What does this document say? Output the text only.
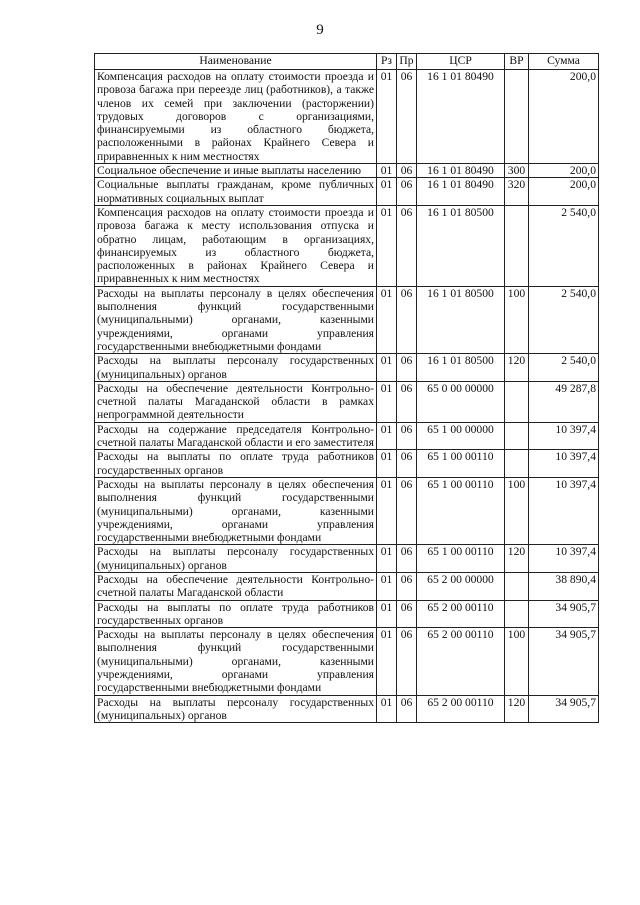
9
Наименование	Рз	Пр	ЦСР	ВР	Сумма
Компенсация расходов на оплату стоимости проезда и провоза багажа при переезде лиц (работников), а также членов их семей при заключении (расторжении) трудовых договоров с организациями, финансируемыми из областного бюджета, расположенными в районах Крайнего Севера и приравненных к ним местностях	01	06	16 1 01 80490		200,0
Социальное обеспечение и иные выплаты населению	01	06	16 1 01 80490	300	200,0
Социальные выплаты гражданам, кроме публичных нормативных социальных выплат	01	06	16 1 01 80490	320	200,0
Компенсация расходов на оплату стоимости проезда и провоза багажа к месту использования отпуска и обратно лицам, работающим в организациях, финансируемых из областного бюджета, расположенных в районах Крайнего Севера и приравненных к ним местностях	01	06	16 1 01 80500		2 540,0
Расходы на выплаты персоналу в целях обеспечения выполнения функций государственными (муниципальными) органами, казенными учреждениями, органами управления государственными внебюджетными фондами	01	06	16 1 01 80500	100	2 540,0
Расходы на выплаты персоналу государственных (муниципальных) органов	01	06	16 1 01 80500	120	2 540,0
Расходы на обеспечение деятельности Контрольно-счетной палаты Магаданской области в рамках непрограммной деятельности	01	06	65 0 00 00000		49 287,8
Расходы на содержание председателя Контрольно-счетной палаты Магаданской области и его заместителя	01	06	65 1 00 00000		10 397,4
Расходы на выплаты по оплате труда работников государственных органов	01	06	65 1 00 00110		10 397,4
Расходы на выплаты персоналу в целях обеспечения выполнения функций государственными (муниципальными) органами, казенными учреждениями, органами управления государственными внебюджетными фондами	01	06	65 1 00 00110	100	10 397,4
Расходы на выплаты персоналу государственных (муниципальных) органов	01	06	65 1 00 00110	120	10 397,4
Расходы на обеспечение деятельности Контрольно-счетной палаты Магаданской области	01	06	65 2 00 00000		38 890,4
Расходы на выплаты по оплате труда работников государственных органов	01	06	65 2 00 00110		34 905,7
Расходы на выплаты персоналу в целях обеспечения выполнения функций государственными (муниципальными) органами, казенными учреждениями, органами управления государственными внебюджетными фондами	01	06	65 2 00 00110	100	34 905,7
Расходы на выплаты персоналу государственных (муниципальных) органов	01	06	65 2 00 00110	120	34 905,7
